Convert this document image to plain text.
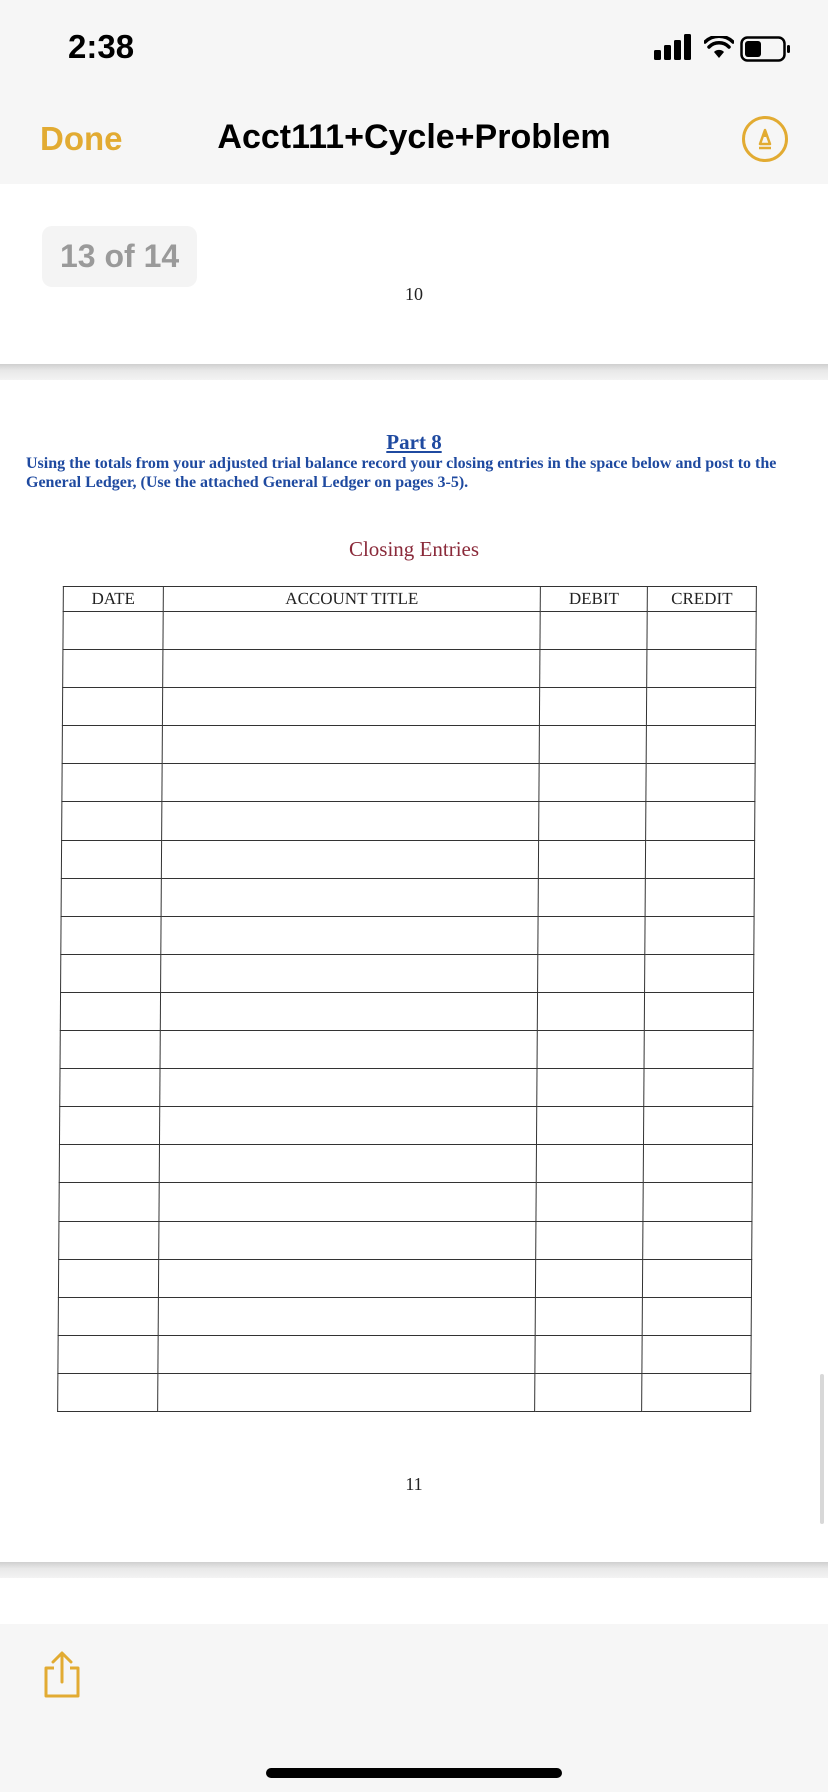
2:38
Done	Acct111+Cycle+Problem
13 of 14
10
Part 8
Using the totals from your adjusted trial balance record your closing entries in the space below and post to the General Ledger, (Use the attached General Ledger on pages 3-5).
Closing Entries
DATE	ACCOUNT TITLE	DEBIT	CREDIT

11
